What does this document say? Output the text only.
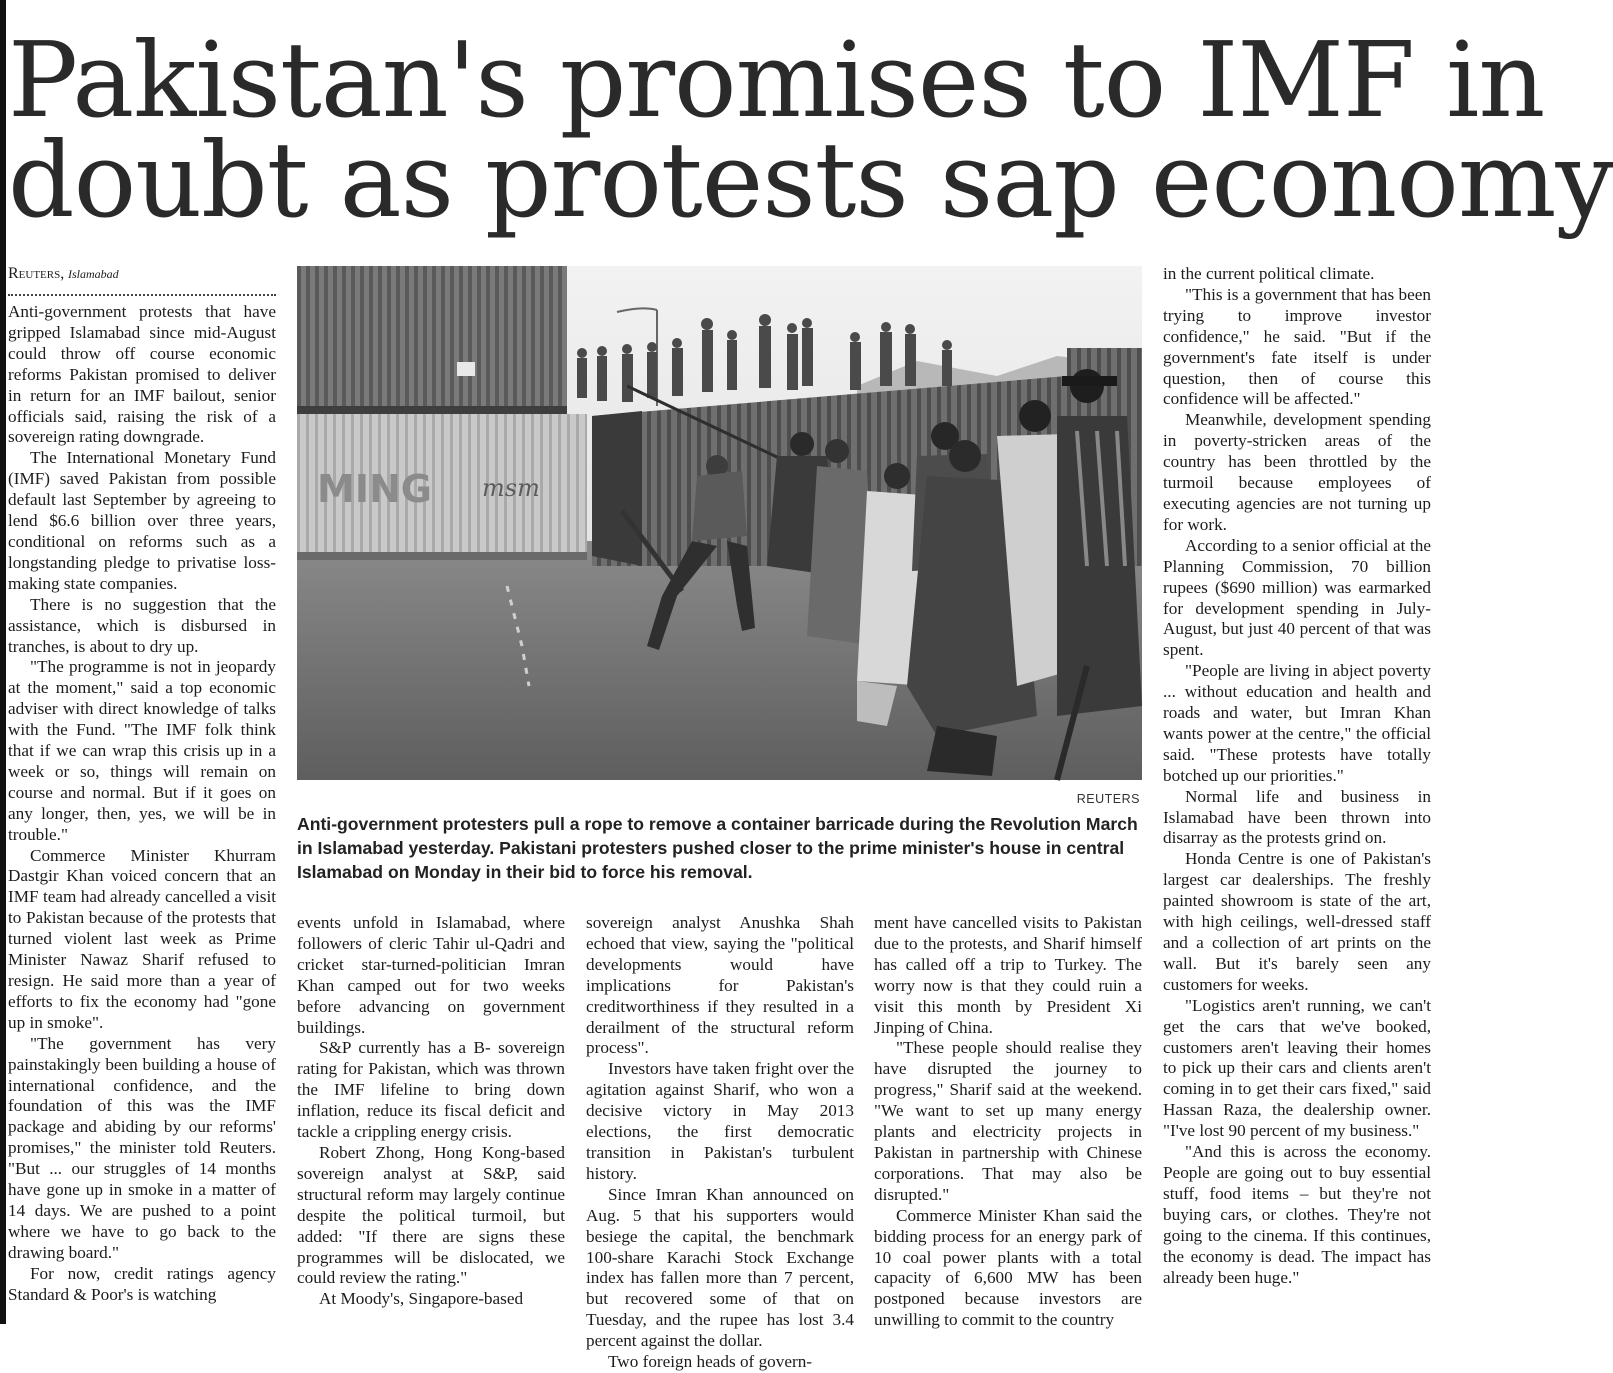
Pakistan's promises to IMF in
doubt as protests sap economy
Reuters, Islamabad

Anti-government protests that have gripped Islamabad since mid-August could throw off course economic reforms Pakistan promised to deliver in return for an IMF bailout, senior officials said, raising the risk of a sovereign rating downgrade.

The International Monetary Fund (IMF) saved Pakistan from possible default last September by agreeing to lend $6.6 billion over three years, conditional on reforms such as a longstanding pledge to privatise loss-making state companies.

There is no suggestion that the assistance, which is disbursed in tranches, is about to dry up.

"The programme is not in jeopardy at the moment," said a top economic adviser with direct knowledge of talks with the Fund. "The IMF folk think that if we can wrap this crisis up in a week or so, things will remain on course and normal. But if it goes on any longer, then, yes, we will be in trouble."

Commerce Minister Khurram Dastgir Khan voiced concern that an IMF team had already cancelled a visit to Pakistan because of the protests that turned violent last week as Prime Minister Nawaz Sharif refused to resign. He said more than a year of efforts to fix the economy had "gone up in smoke".

"The government has very painstakingly been building a house of international confidence, and the foundation of this was the IMF package and abiding by our reforms' promises," the minister told Reuters. "But ... our struggles of 14 months have gone up in smoke in a matter of 14 days. We are pushed to a point where we have to go back to the drawing board."

For now, credit ratings agency Standard & Poor's is watching

MING msm
REUTERS
Anti-government protesters pull a rope to remove a container barricade during the Revolution March in Islamabad yesterday. Pakistani protesters pushed closer to the prime minister's house in central Islamabad on Monday in their bid to force his removal.

events unfold in Islamabad, where followers of cleric Tahir ul-Qadri and cricket star-turned-politician Imran Khan camped out for two weeks before advancing on government buildings.

S&P currently has a B- sovereign rating for Pakistan, which was thrown the IMF lifeline to bring down inflation, reduce its fiscal deficit and tackle a crippling energy crisis.

Robert Zhong, Hong Kong-based sovereign analyst at S&P, said structural reform may largely continue despite the political turmoil, but added: "If there are signs these programmes will be dislocated, we could review the rating."

At Moody's, Singapore-based

sovereign analyst Anushka Shah echoed that view, saying the "political developments would have implications for Pakistan's creditworthiness if they resulted in a derailment of the structural reform process".

Investors have taken fright over the agitation against Sharif, who won a decisive victory in May 2013 elections, the first democratic transition in Pakistan's turbulent history.

Since Imran Khan announced on Aug. 5 that his supporters would besiege the capital, the benchmark 100-share Karachi Stock Exchange index has fallen more than 7 percent, but recovered some of that on Tuesday, and the rupee has lost 3.4 percent against the dollar.

Two foreign heads of govern-

ment have cancelled visits to Pakistan due to the protests, and Sharif himself has called off a trip to Turkey. The worry now is that they could ruin a visit this month by President Xi Jinping of China.

"These people should realise they have disrupted the journey to progress," Sharif said at the weekend. "We want to set up many energy plants and electricity projects in Pakistan in partnership with Chinese corporations. That may also be disrupted."

Commerce Minister Khan said the bidding process for an energy park of 10 coal power plants with a total capacity of 6,600 MW has been postponed because investors are unwilling to commit to the country

in the current political climate.

"This is a government that has been trying to improve investor confidence," he said. "But if the government's fate itself is under question, then of course this confidence will be affected."

Meanwhile, development spending in poverty-stricken areas of the country has been throttled by the turmoil because employees of executing agencies are not turning up for work.

According to a senior official at the Planning Commission, 70 billion rupees ($690 million) was earmarked for development spending in July-August, but just 40 percent of that was spent.

"People are living in abject poverty ... without education and health and roads and water, but Imran Khan wants power at the centre," the official said. "These protests have totally botched up our priorities."

Normal life and business in Islamabad have been thrown into disarray as the protests grind on.

Honda Centre is one of Pakistan's largest car dealerships. The freshly painted showroom is state of the art, with high ceilings, well-dressed staff and a collection of art prints on the wall. But it's barely seen any customers for weeks.

"Logistics aren't running, we can't get the cars that we've booked, customers aren't leaving their homes to pick up their cars and clients aren't coming in to get their cars fixed," said Hassan Raza, the dealership owner. "I've lost 90 percent of my business."

"And this is across the economy. People are going out to buy essential stuff, food items – but they're not buying cars, or clothes. They're not going to the cinema. If this continues, the economy is dead. The impact has already been huge."
